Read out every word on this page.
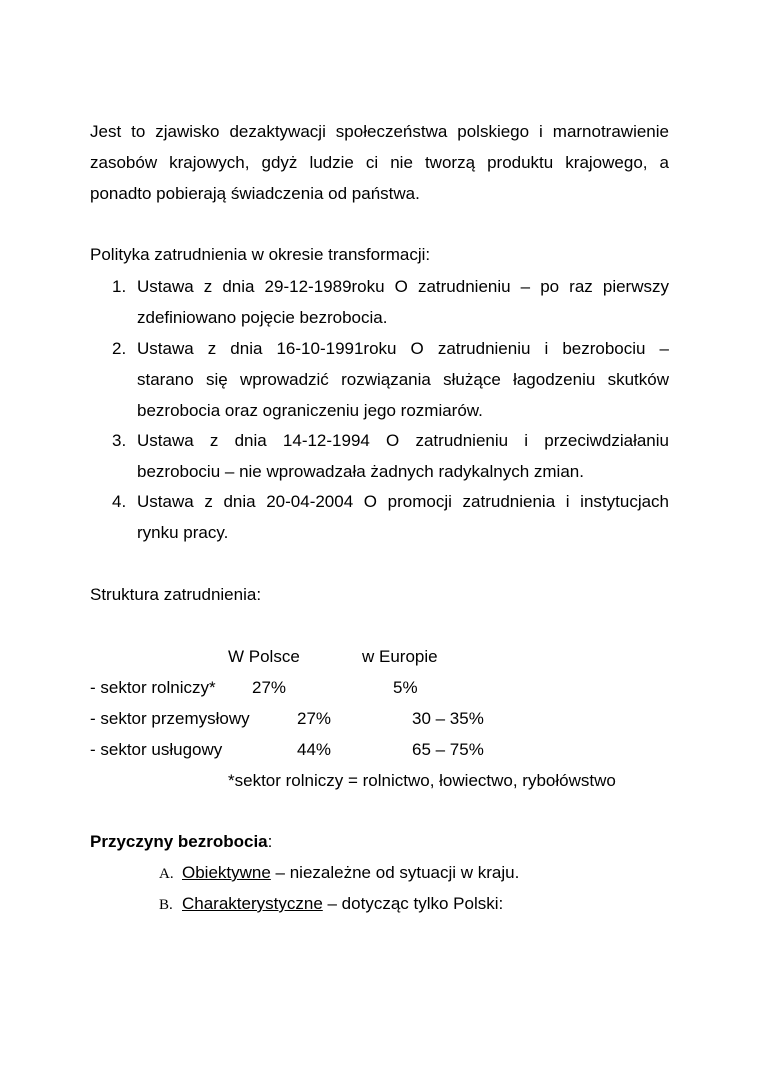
Jest to zjawisko dezaktywacji społeczeństwa polskiego i marnotrawienie
zasobów krajowych, gdyż ludzie ci nie tworzą produktu krajowego, a
ponadto pobierają świadczenia od państwa.
Polityka zatrudnienia w okresie transformacji:
1. Ustawa z dnia 29-12-1989roku O zatrudnieniu – po raz pierwszy
zdefiniowano pojęcie bezrobocia.
2. Ustawa z dnia 16-10-1991roku O zatrudnieniu i bezrobociu –
starano się wprowadzić rozwiązania służące łagodzeniu skutków
bezrobocia oraz ograniczeniu jego rozmiarów.
3. Ustawa z dnia 14-12-1994 O zatrudnieniu i przeciwdziałaniu
bezrobociu – nie wprowadzała żadnych radykalnych zmian.
4. Ustawa z dnia 20-04-2004 O promocji zatrudnienia i instytucjach
rynku pracy.
Struktura zatrudnienia:
W Polsce	w Europie
- sektor rolniczy* 27%	5%
- sektor przemysłowy	27%	30 – 35%
- sektor usługowy	44%	65 – 75%
*sektor rolniczy = rolnictwo, łowiectwo, rybołówstwo
Przyczyny bezrobocia:
A. Obiektywne – niezależne od sytuacji w kraju.
B. Charakterystyczne – dotycząc tylko Polski:
